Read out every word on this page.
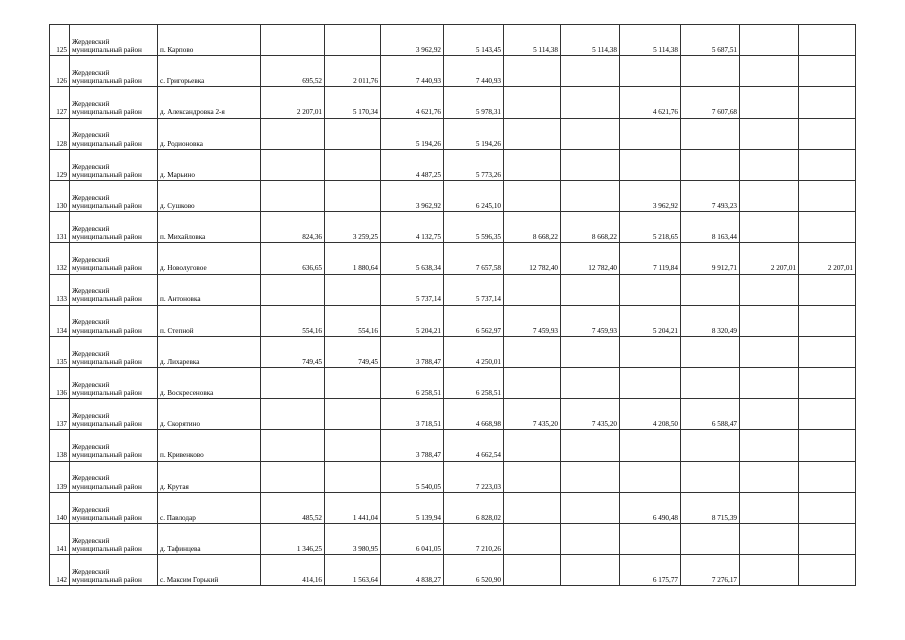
125	Жердевский муниципальный район	п. Карпово			3 962,92	5 143,45	5 114,38	5 114,38	5 114,38	5 687,51		
126	Жердевский муниципальный район	с. Григорьевка	695,52	2 011,76	7 440,93	7 440,93						
127	Жердевский муниципальный район	д. Александровка 2-я	2 207,01	5 170,34	4 621,76	5 978,31			4 621,76	7 607,68		
128	Жердевский муниципальный район	д. Родионовка			5 194,26	5 194,26						
129	Жердевский муниципальный район	д. Марьино			4 487,25	5 773,26						
130	Жердевский муниципальный район	д. Сушково			3 962,92	6 245,10			3 962,92	7 493,23		
131	Жердевский муниципальный район	п. Михайловка	824,36	3 259,25	4 132,75	5 596,35	8 668,22	8 668,22	5 218,65	8 163,44		
132	Жердевский муниципальный район	д. Новолуговое	636,65	1 880,64	5 638,34	7 657,58	12 782,40	12 782,40	7 119,84	9 912,71	2 207,01	2 207,01
133	Жердевский муниципальный район	п. Антоновка			5 737,14	5 737,14						
134	Жердевский муниципальный район	п. Степной	554,16	554,16	5 204,21	6 562,97	7 459,93	7 459,93	5 204,21	8 320,49		
135	Жердевский муниципальный район	д. Лихаревка	749,45	749,45	3 788,47	4 250,01						
136	Жердевский муниципальный район	д. Воскресеновка			6 258,51	6 258,51						
137	Жердевский муниципальный район	д. Скорятино			3 718,51	4 668,98	7 435,20	7 435,20	4 208,50	6 588,47		
138	Жердевский муниципальный район	п. Кривенково			3 788,47	4 662,54						
139	Жердевский муниципальный район	д. Крутая			5 540,05	7 223,03						
140	Жердевский муниципальный район	с. Павлодар	485,52	1 441,04	5 139,94	6 828,02			6 490,48	8 715,39		
141	Жердевский муниципальный район	д. Тафинцева	1 346,25	3 980,95	6 041,05	7 210,26						
142	Жердевский муниципальный район	с. Максим Горький	414,16	1 563,64	4 838,27	6 520,90			6 175,77	7 276,17		
